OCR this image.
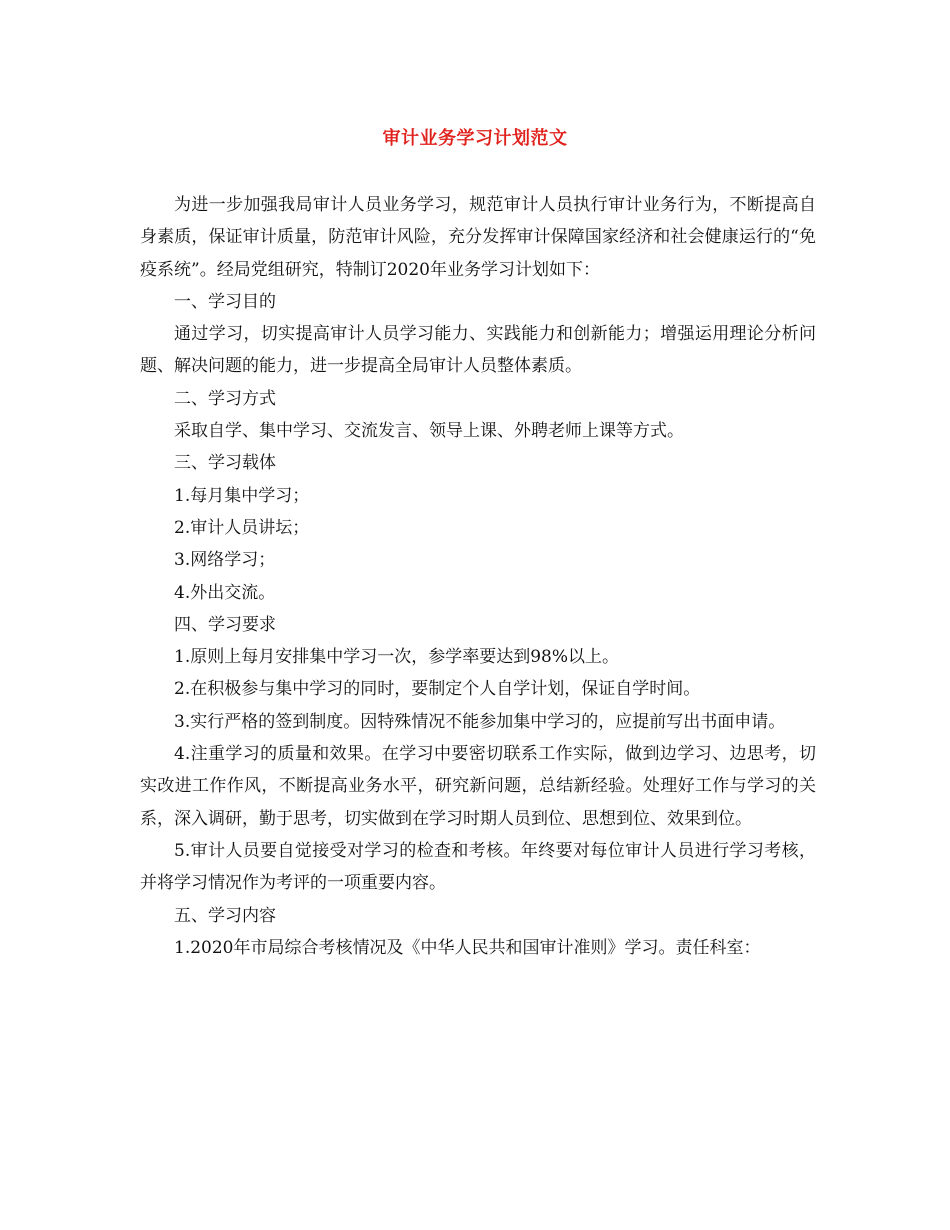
审计业务学习计划范文

为进一步加强我局审计人员业务学习，规范审计人员执行审计业务行为，不断提高自身素质，保证审计质量，防范审计风险，充分发挥审计保障国家经济和社会健康运行的“免疫系统”。经局党组研究，特制订2020年业务学习计划如下：

一、学习目的

通过学习，切实提高审计人员学习能力、实践能力和创新能力；增强运用理论分析问题、解决问题的能力，进一步提高全局审计人员整体素质。

二、学习方式

采取自学、集中学习、交流发言、领导上课、外聘老师上课等方式。

三、学习载体

1.每月集中学习；

2.审计人员讲坛；

3.网络学习；

4.外出交流。

四、学习要求

1.原则上每月安排集中学习一次，参学率要达到98%以上。

2.在积极参与集中学习的同时，要制定个人自学计划，保证自学时间。

3.实行严格的签到制度。因特殊情况不能参加集中学习的，应提前写出书面申请。

4.注重学习的质量和效果。在学习中要密切联系工作实际，做到边学习、边思考，切实改进工作作风，不断提高业务水平，研究新问题，总结新经验。处理好工作与学习的关系，深入调研，勤于思考，切实做到在学习时期人员到位、思想到位、效果到位。

5.审计人员要自觉接受对学习的检查和考核。年终要对每位审计人员进行学习考核，并将学习情况作为考评的一项重要内容。

五、学习内容

1.2020年市局综合考核情况及《中华人民共和国审计准则》学习。责任科室：
